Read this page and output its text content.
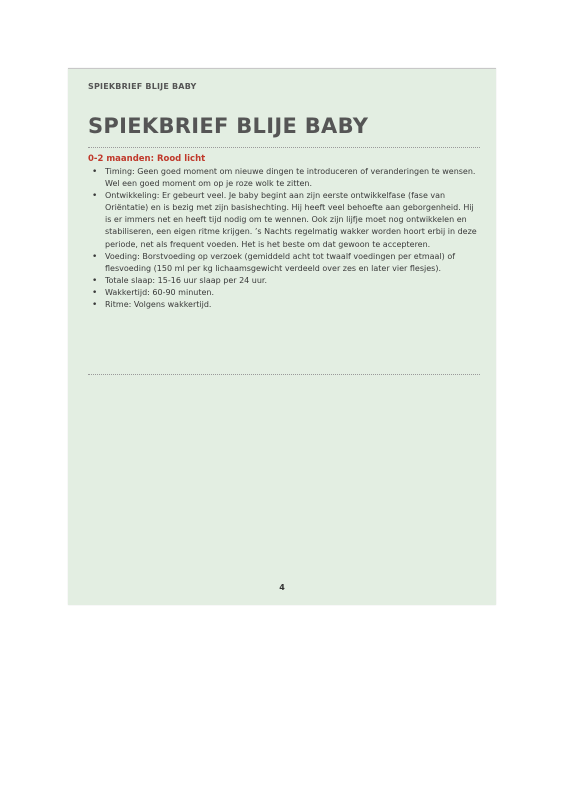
SPIEKBRIEF BLIJE BABY
SPIEKBRIEF BLIJE BABY
0-2 maanden: Rood licht
• Timing: Geen goed moment om nieuwe dingen te introduceren of veranderingen te wensen. Wel een goed moment om op je roze wolk te zitten.
• Ontwikkeling: Er gebeurt veel. Je baby begint aan zijn eerste ontwikkelfase (fase van Oriëntatie) en is bezig met zijn basishechting. Hij heeft veel behoefte aan geborgenheid. Hij is er immers net en heeft tijd nodig om te wennen. Ook zijn lijfje moet nog ontwikkelen en stabiliseren, een eigen ritme krijgen. ’s Nachts regelmatig wakker worden hoort erbij in deze periode, net als frequent voeden. Het is het beste om dat gewoon te accepteren.
• Voeding: Borstvoeding op verzoek (gemiddeld acht tot twaalf voedingen per etmaal) of flesvoeding (150 ml per kg lichaamsgewicht verdeeld over zes en later vier flesjes).
• Totale slaap: 15-16 uur slaap per 24 uur.
• Wakkertijd: 60-90 minuten.
• Ritme: Volgens wakkertijd.
4
